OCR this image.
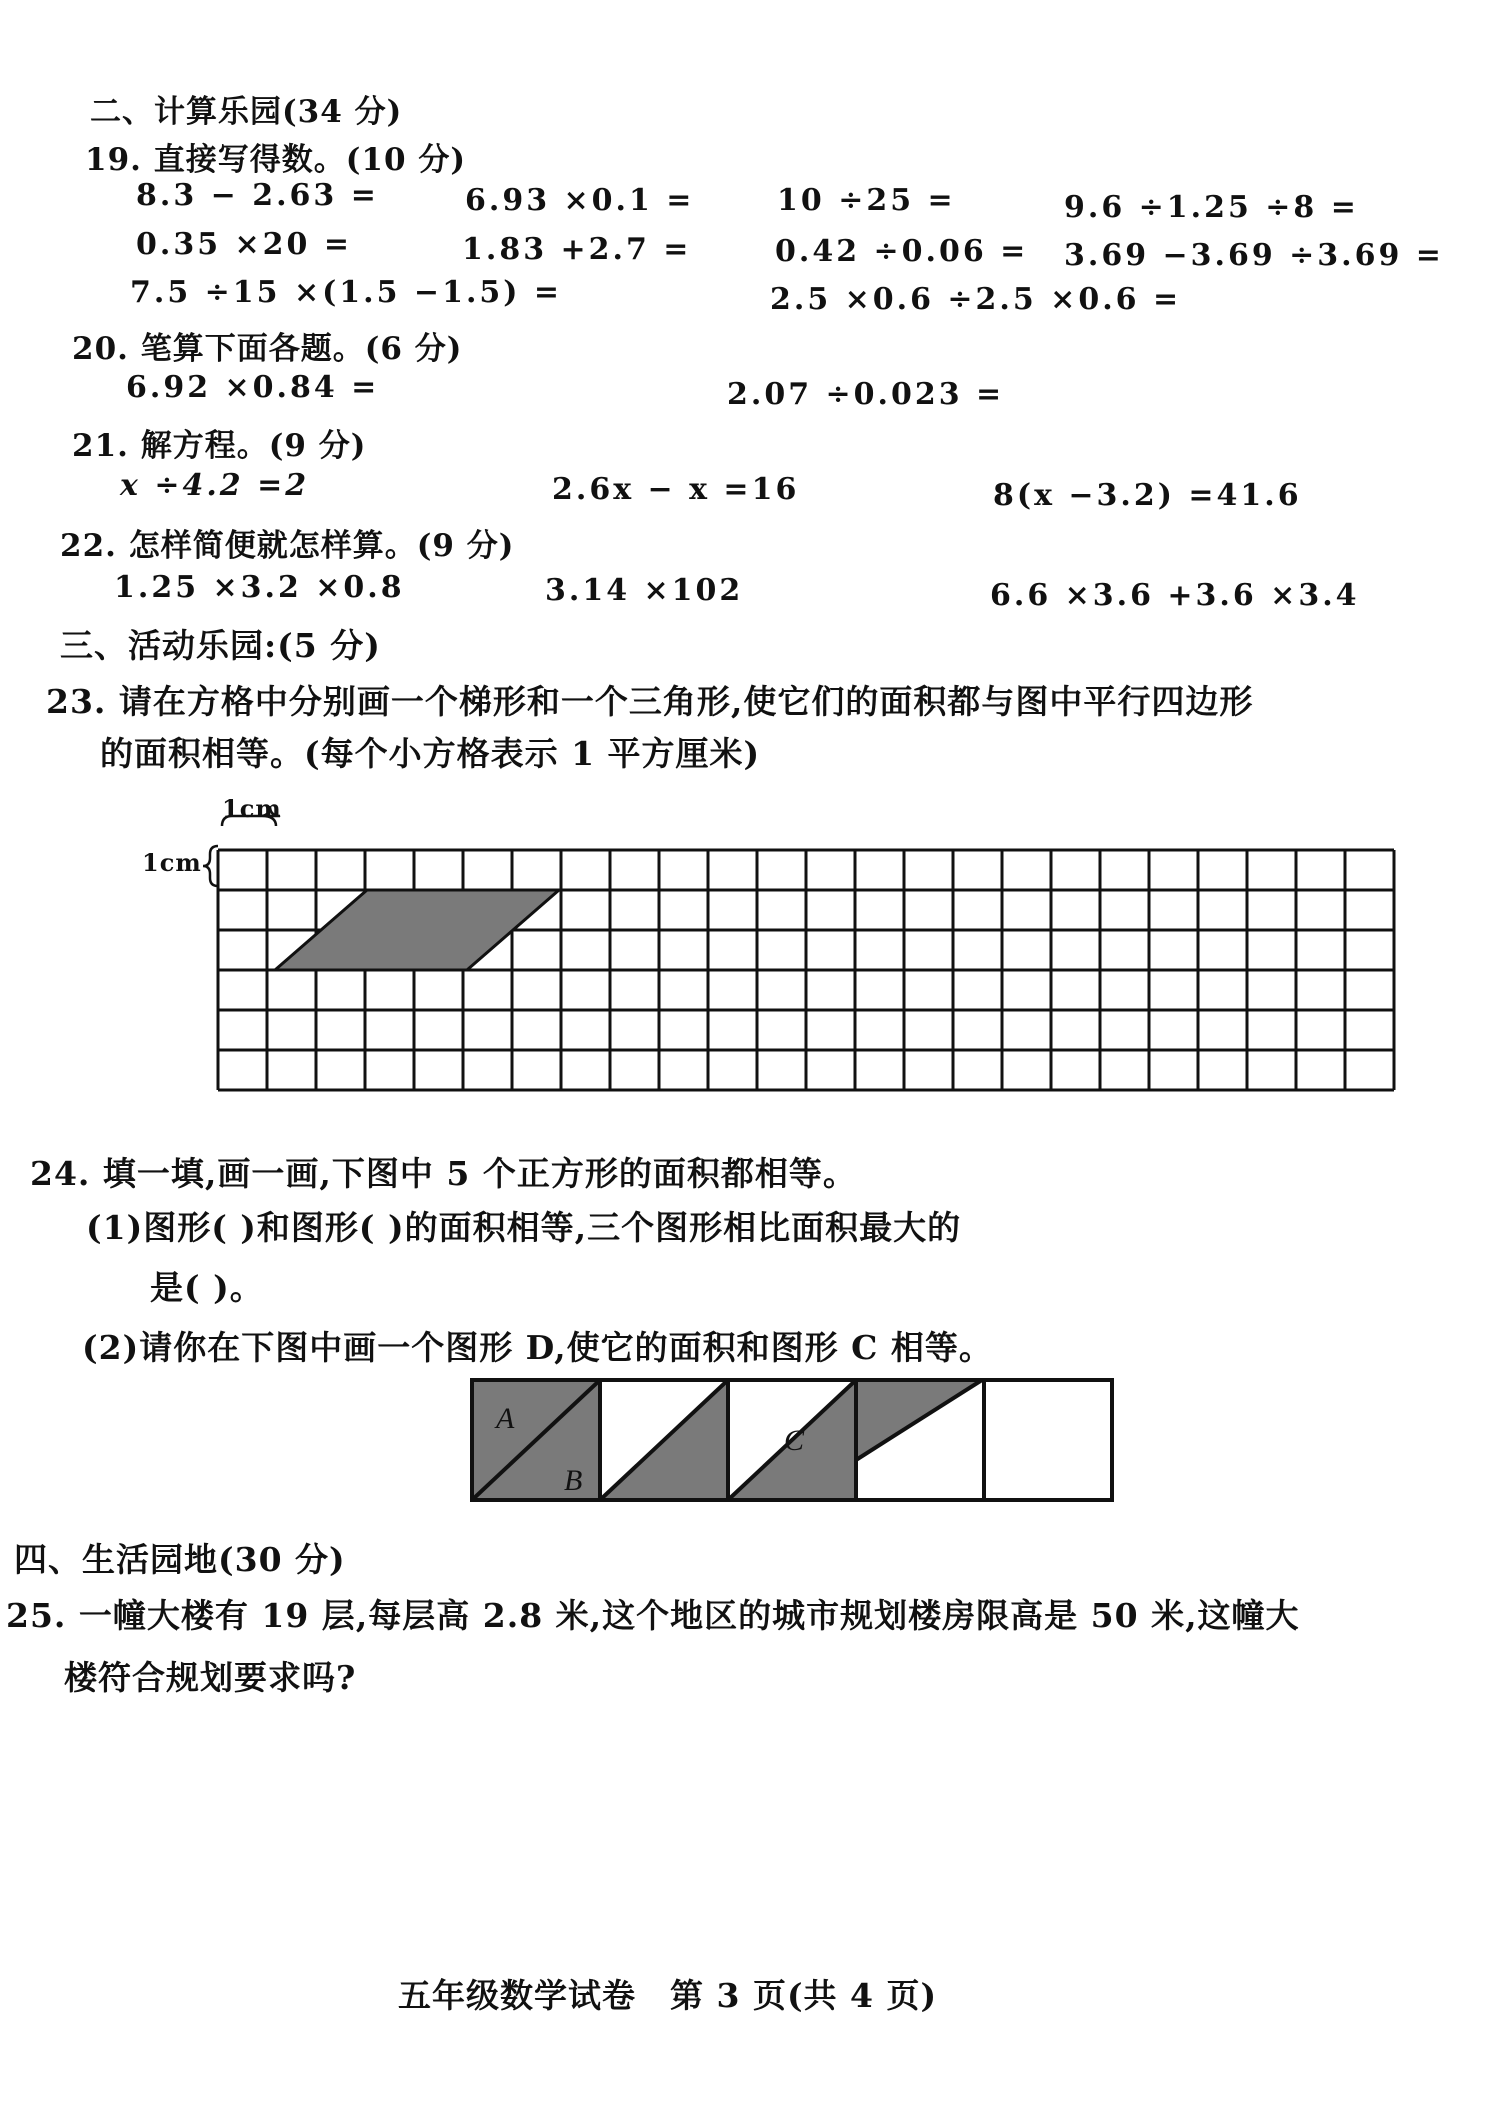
二、计算乐园(34 分)
19. 直接写得数。(10 分)
8.3 − 2.63 =	6.93 ×0.1 =	10 ÷25 =	9.6 ÷1.25 ÷8 =
0.35 ×20 =	1.83 +2.7 =	0.42 ÷0.06 = 3.69 −3.69 ÷3.69 =
7.5 ÷15 ×(1.5 −1.5) =	2.5 ×0.6 ÷2.5 ×0.6 =
20. 笔算下面各题。(6 分)
6.92 ×0.84 =	2.07 ÷0.023 =
21. 解方程。(9 分)
x ÷4.2 =2	2.6x − x =16	8(x −3.2) =41.6
22. 怎样简便就怎样算。(9 分)
1.25 ×3.2 ×0.8	3.14 ×102	6.6 ×3.6 +3.6 ×3.4
三、活动乐园:(5 分)
23. 请在方格中分别画一个梯形和一个三角形,使它们的面积都与图中平行四边形
的面积相等。(每个小方格表示 1 平方厘米)
1cm
1cm
A
B
C
24. 填一填,画一画,下图中 5 个正方形的面积都相等。
(1)图形( )和图形( )的面积相等,三个图形相比面积最大的
是( )。
(2)请你在下图中画一个图形 D,使它的面积和图形 C 相等。
四、生活园地(30 分)
25. 一幢大楼有 19 层,每层高 2.8 米,这个地区的城市规划楼房限高是 50 米,这幢大
楼符合规划要求吗?
五年级数学试卷　第 3 页(共 4 页)
